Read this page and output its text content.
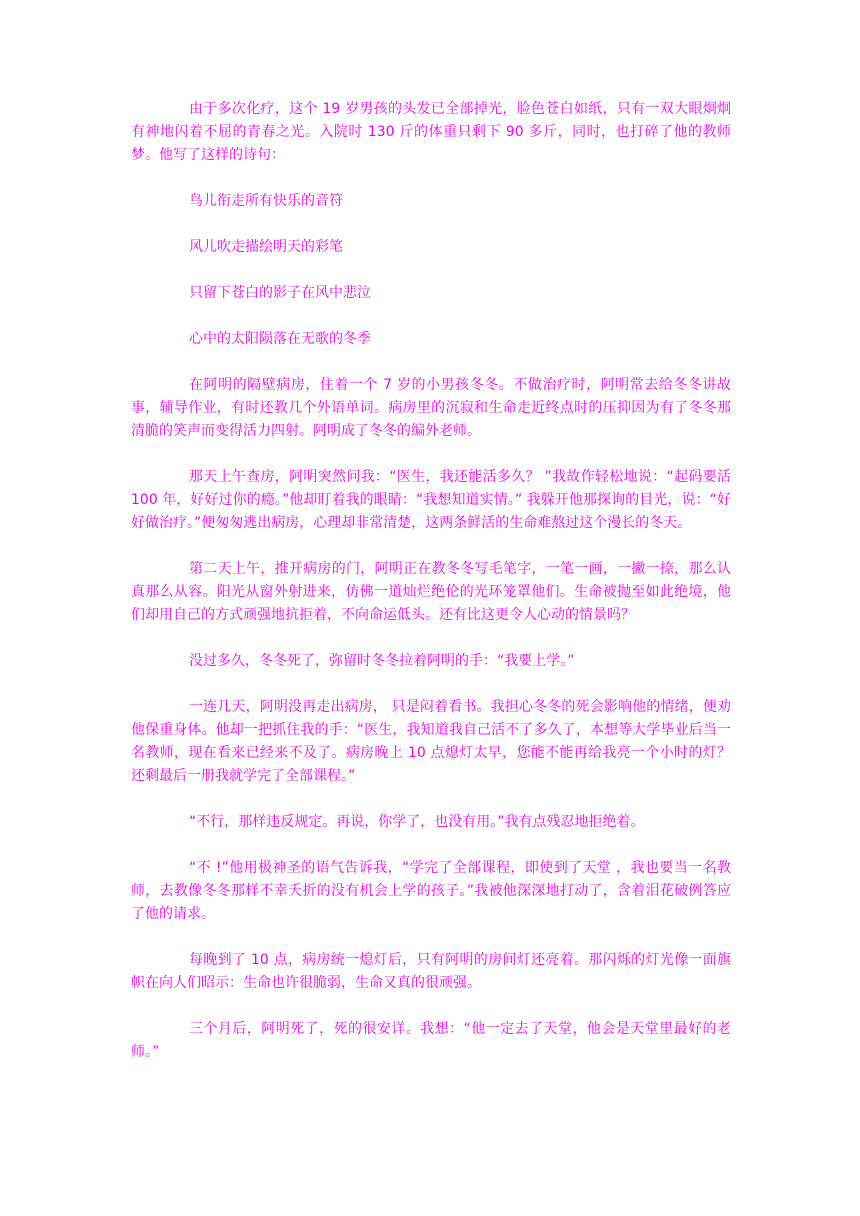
由于多次化疗，这个 19 岁男孩的头发已全部掉光，脸色苍白如纸，只有一双大眼炯炯有神地闪着不屈的青春之光。入院时 130 斤的体重只剩下 90 多斤，同时，也打碎了他的教师梦。他写了这样的诗句：

鸟儿衔走所有快乐的音符

风儿吹走描绘明天的彩笔

只留下苍白的影子在风中悲泣

心中的太阳陨落在无歌的冬季

在阿明的隔壁病房，住着一个 7 岁的小男孩冬冬。不做治疗时，阿明常去给冬冬讲故事，辅导作业，有时还教几个外语单词。病房里的沉寂和生命走近终点时的压抑因为有了冬冬那清脆的笑声而变得活力四射。阿明成了冬冬的编外老师。

那天上午查房，阿明突然问我：“医生，我还能活多久？ ”我故作轻松地说：“起码要活 100 年，好好过你的瘾。”他却盯着我的眼睛：“我想知道实情。” 我躲开他那探询的目光，说：“好好做治疗。”便匆匆逃出病房，心理却非常清楚，这两条鲜活的生命难熬过这个漫长的冬天。

第二天上午，推开病房的门，阿明正在教冬冬写毛笔字，一笔一画，一撇一捺，那么认真那么从容。阳光从窗外射进来，仿佛一道灿烂绝伦的光环笼罩他们。生命被抛至如此绝境，他们却用自己的方式顽强地抗拒着，不向命运低头。还有比这更令人心动的情景吗？

没过多久，冬冬死了，弥留时冬冬拉着阿明的手：“我要上学。”

一连几天，阿明没再走出病房， 只是闷着看书。我担心冬冬的死会影响他的情绪，便劝他保重身体。他却一把抓住我的手：“医生，我知道我自己活不了多久了，本想等大学毕业后当一名教师，现在看来已经来不及了。病房晚上 10 点熄灯太早，您能不能再给我亮一个小时的灯？还剩最后一册我就学完了全部课程。”

“不行，那样违反规定。再说，你学了，也没有用。”我有点残忍地拒绝着。

“不 !”他用极神圣的语气告诉我，“学完了全部课程，即使到了天堂 ，我也要当一名教师，去教像冬冬那样不幸夭折的没有机会上学的孩子。”我被他深深地打动了，含着泪花破例答应了他的请求。

每晚到了 10 点，病房统一熄灯后，只有阿明的房间灯还亮着。那闪烁的灯光像一面旗帜在向人们昭示：生命也许很脆弱，生命又真的很顽强。

三个月后，阿明死了，死的很安详。我想：“他一定去了天堂，他会是天堂里最好的老师。”
